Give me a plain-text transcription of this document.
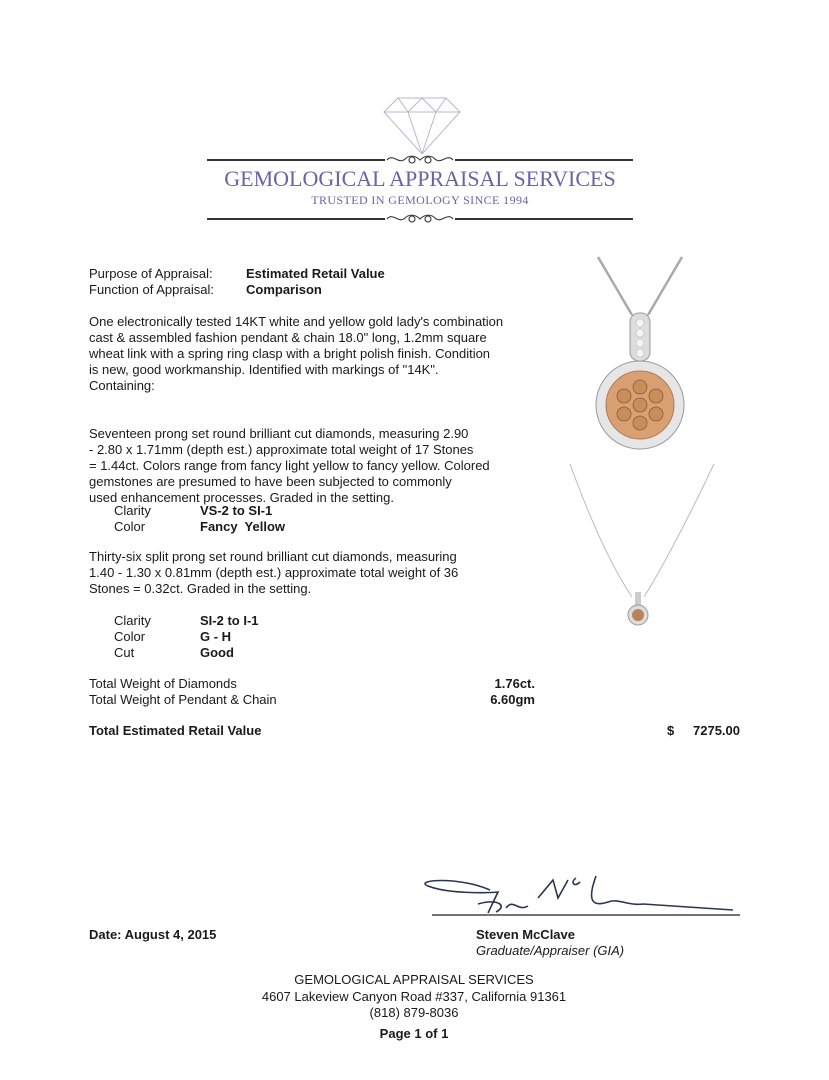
GEMOLOGICAL APPRAISAL SERVICES
TRUSTED IN GEMOLOGY SINCE 1994
Purpose of Appraisal:	Estimated Retail Value
Function of Appraisal: Comparison
One electronically tested 14KT white and yellow gold lady's combination
cast & assembled fashion pendant & chain 18.0" long, 1.2mm square
wheat link with a spring ring clasp with a bright polish finish. Condition
is new, good workmanship. Identified with markings of "14K".
Containing:
Seventeen prong set round brilliant cut diamonds, measuring 2.90
- 2.80 x 1.71mm (depth est.) approximate total weight of 17 Stones
= 1.44ct. Colors range from fancy light yellow to fancy yellow. Colored
gemstones are presumed to have been subjected to commonly
used enhancement processes. Graded in the setting.
Clarity	VS-2 to SI-1
Color	Fancy  Yellow
Thirty-six split prong set round brilliant cut diamonds, measuring
1.40 - 1.30 x 0.81mm (depth est.) approximate total weight of 36
Stones = 0.32ct. Graded in the setting.
Clarity	SI-2 to I-1
Color	G - H
Cut	Good
Total Weight of Diamonds	1.76ct.
Total Weight of Pendant & Chain	6.60gm
Total Estimated Retail Value	$ 7275.00
Date: August 4, 2015	Steven McClave
Graduate/Appraiser (GIA)
GEMOLOGICAL APPRAISAL SERVICES
4607 Lakeview Canyon Road #337, California 91361
(818) 879-8036
Page 1 of 1
